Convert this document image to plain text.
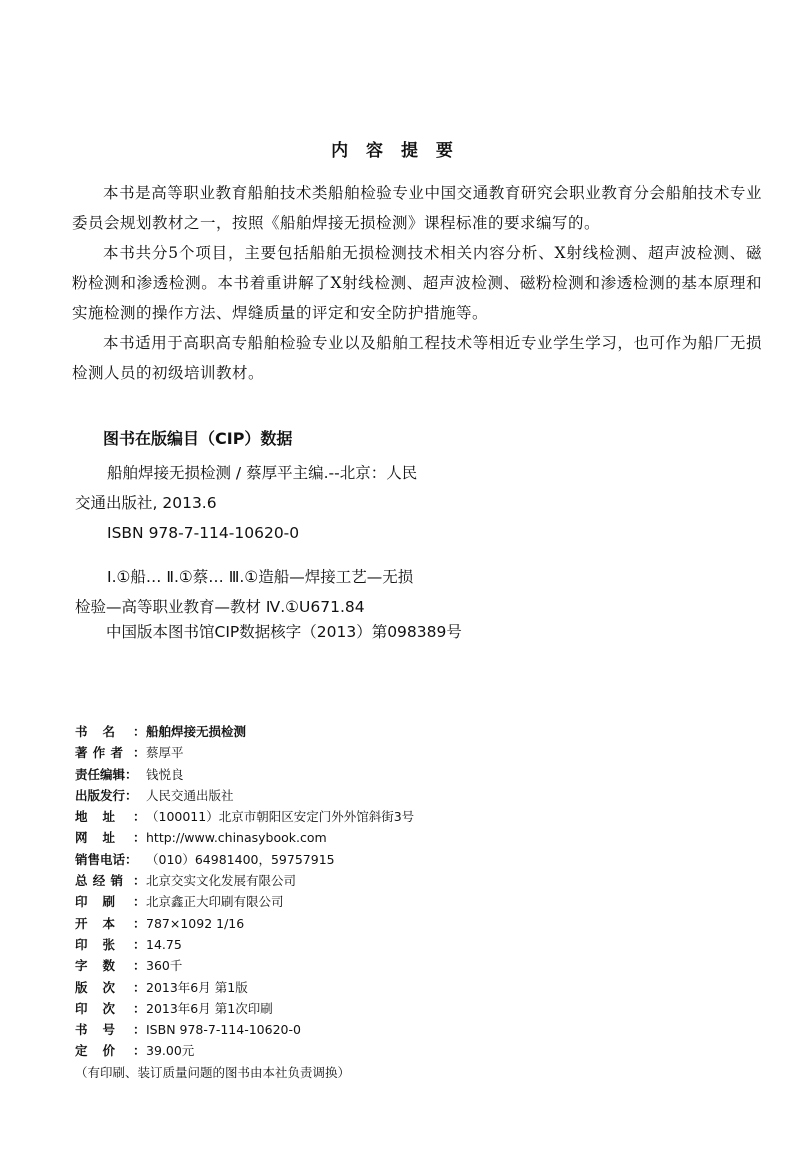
内 容 提 要

本书是高等职业教育船舶技术类船舶检验专业中国交通教育研究会职业教育分会船舶技术专业委员会规划教材之一，按照《船舶焊接无损检测》课程标准的要求编写的。

本书共分5个项目，主要包括船舶无损检测技术相关内容分析、X射线检测、超声波检测、磁粉检测和渗透检测。本书着重讲解了X射线检测、超声波检测、磁粉检测和渗透检测的基本原理和实施检测的操作方法、焊缝质量的评定和安全防护措施等。

本书适用于高职高专船舶检验专业以及船舶工程技术等相近专业学生学习，也可作为船厂无损检测人员的初级培训教材。

图书在版编目（CIP）数据
船舶焊接无损检测 / 蔡厚平主编.--北京：人民
交通出版社, 2013.6
ISBN 978-7-114-10620-0
Ⅰ.①船… Ⅱ.①蔡… Ⅲ.①造船—焊接工艺—无损
检验—高等职业教育—教材 Ⅳ.①U671.84
中国版本图书馆CIP数据核字（2013）第098389号
书 名 ： 船舶焊接无损检测
著 作 者 ： 蔡厚平
责任编辑： 钱悦良
出版发行： 人民交通出版社
地 址 ： （100011）北京市朝阳区安定门外外馆斜街3号
网 址 ： http://www.chinasybook.com
销售电话： （010）64981400，59757915
总 经 销 ： 北京交实文化发展有限公司
印 刷 ： 北京鑫正大印刷有限公司
开 本 ： 787×1092 1/16
印 张 ： 14.75
字 数 ： 360千
版 次 ： 2013年6月 第1版
印 次 ： 2013年6月 第1次印刷
书 号 ： ISBN 978-7-114-10620-0
定 价 ： 39.00元
（有印刷、装订质量问题的图书由本社负责调换）
